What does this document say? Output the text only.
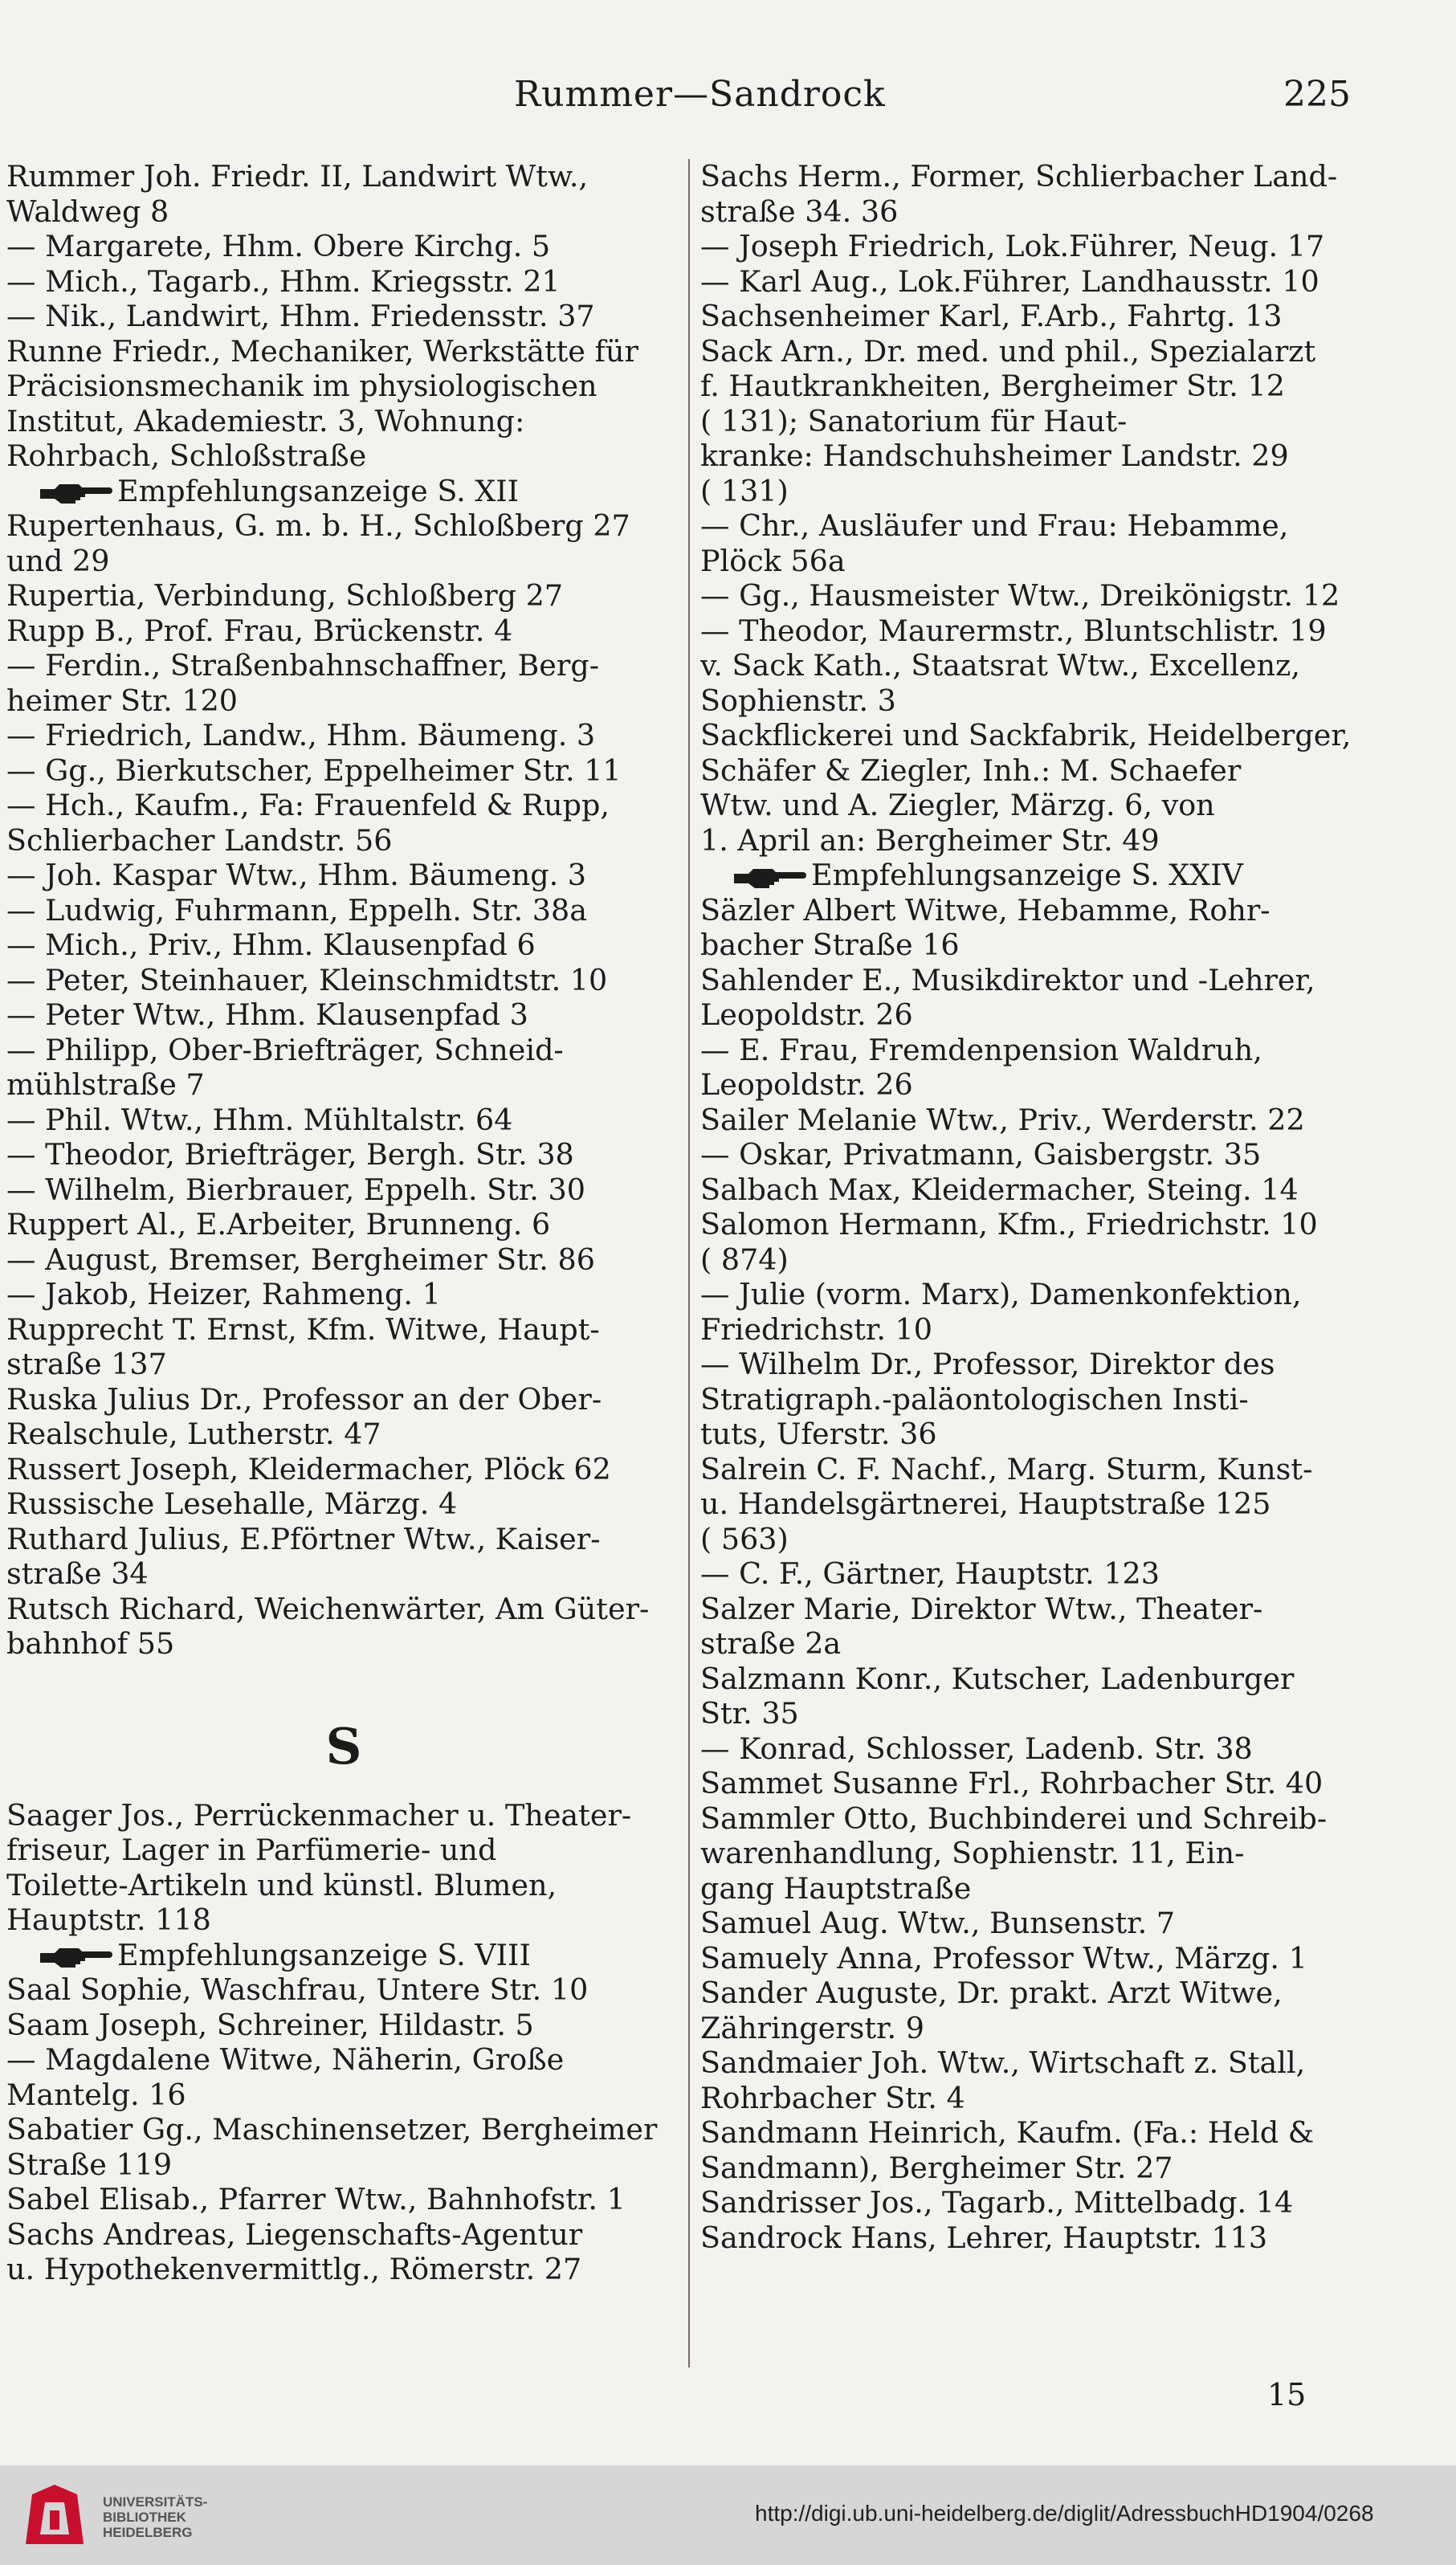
Rummer—Sandrock	225
Rummer Joh. Friedr. II, Landwirt Wtw.,
Waldweg 8
— Margarete, Hhm. Obere Kirchg. 5
— Mich., Tagarb., Hhm. Kriegsstr. 21
— Nik., Landwirt, Hhm. Friedensstr. 37
Runne Friedr., Mechaniker, Werkstätte für
Präcisionsmechanik im physiologischen
Institut, Akademiestr. 3, Wohnung:
Rohrbach, Schloßstraße
Empfehlungsanzeige S. XII
Rupertenhaus, G. m. b. H., Schloßberg 27
und 29
Rupertia, Verbindung, Schloßberg 27
Rupp B., Prof. Frau, Brückenstr. 4
— Ferdin., Straßenbahnschaffner, Berg-
heimer Str. 120
— Friedrich, Landw., Hhm. Bäumeng. 3
— Gg., Bierkutscher, Eppelheimer Str. 11
— Hch., Kaufm., Fa: Frauenfeld & Rupp,
Schlierbacher Landstr. 56
— Joh. Kaspar Wtw., Hhm. Bäumeng. 3
— Ludwig, Fuhrmann, Eppelh. Str. 38a
— Mich., Priv., Hhm. Klausenpfad 6
— Peter, Steinhauer, Kleinschmidtstr. 10
— Peter Wtw., Hhm. Klausenpfad 3
— Philipp, Ober-Briefträger, Schneid-
mühlstraße 7
— Phil. Wtw., Hhm. Mühltalstr. 64
— Theodor, Briefträger, Bergh. Str. 38
— Wilhelm, Bierbrauer, Eppelh. Str. 30
Ruppert Al., E.Arbeiter, Brunneng. 6
— August, Bremser, Bergheimer Str. 86
— Jakob, Heizer, Rahmeng. 1
Rupprecht T. Ernst, Kfm. Witwe, Haupt-
straße 137
Ruska Julius Dr., Professor an der Ober-
Realschule, Lutherstr. 47
Russert Joseph, Kleidermacher, Plöck 62
Russische Lesehalle, Märzg. 4
Ruthard Julius, E.Pförtner Wtw., Kaiser-
straße 34
Rutsch Richard, Weichenwärter, Am Güter-
bahnhof 55
S
Saager Jos., Perrückenmacher u. Theater-
friseur, Lager in Parfümerie- und
Toilette-Artikeln und künstl. Blumen,
Hauptstr. 118
Empfehlungsanzeige S. VIII
Saal Sophie, Waschfrau, Untere Str. 10
Saam Joseph, Schreiner, Hildastr. 5
— Magdalene Witwe, Näherin, Große
Mantelg. 16
Sabatier Gg., Maschinensetzer, Bergheimer
Straße 119
Sabel Elisab., Pfarrer Wtw., Bahnhofstr. 1
Sachs Andreas, Liegenschafts-Agentur
u. Hypothekenvermittlg., Römerstr. 27
Sachs Herm., Former, Schlierbacher Land-
straße 34. 36
— Joseph Friedrich, Lok.Führer, Neug. 17
— Karl Aug., Lok.Führer, Landhausstr. 10
Sachsenheimer Karl, F.Arb., Fahrtg. 13
Sack Arn., Dr. med. und phil., Spezialarzt
f. Hautkrankheiten, Bergheimer Str. 12
( 131); Sanatorium für Haut-
kranke: Handschuhsheimer Landstr. 29
( 131)
— Chr., Ausläufer und Frau: Hebamme,
Plöck 56a
— Gg., Hausmeister Wtw., Dreikönigstr. 12
— Theodor, Maurermstr., Bluntschlistr. 19
v. Sack Kath., Staatsrat Wtw., Excellenz,
Sophienstr. 3
Sackflickerei und Sackfabrik, Heidelberger,
Schäfer & Ziegler, Inh.: M. Schaefer
Wtw. und A. Ziegler, Märzg. 6, von
1. April an: Bergheimer Str. 49
Empfehlungsanzeige S. XXIV
Säzler Albert Witwe, Hebamme, Rohr-
bacher Straße 16
Sahlender E., Musikdirektor und -Lehrer,
Leopoldstr. 26
— E. Frau, Fremdenpension Waldruh,
Leopoldstr. 26
Sailer Melanie Wtw., Priv., Werderstr. 22
— Oskar, Privatmann, Gaisbergstr. 35
Salbach Max, Kleidermacher, Steing. 14
Salomon Hermann, Kfm., Friedrichstr. 10
( 874)
— Julie (vorm. Marx), Damenkonfektion,
Friedrichstr. 10
— Wilhelm Dr., Professor, Direktor des
Stratigraph.-paläontologischen Insti-
tuts, Uferstr. 36
Salrein C. F. Nachf., Marg. Sturm, Kunst-
u. Handelsgärtnerei, Hauptstraße 125
( 563)
— C. F., Gärtner, Hauptstr. 123
Salzer Marie, Direktor Wtw., Theater-
straße 2a
Salzmann Konr., Kutscher, Ladenburger
Str. 35
— Konrad, Schlosser, Ladenb. Str. 38
Sammet Susanne Frl., Rohrbacher Str. 40
Sammler Otto, Buchbinderei und Schreib-
warenhandlung, Sophienstr. 11, Ein-
gang Hauptstraße
Samuel Aug. Wtw., Bunsenstr. 7
Samuely Anna, Professor Wtw., Märzg. 1
Sander Auguste, Dr. prakt. Arzt Witwe,
Zähringerstr. 9
Sandmaier Joh. Wtw., Wirtschaft z. Stall,
Rohrbacher Str. 4
Sandmann Heinrich, Kaufm. (Fa.: Held &
Sandmann), Bergheimer Str. 27
Sandrisser Jos., Tagarb., Mittelbadg. 14
Sandrock Hans, Lehrer, Hauptstr. 113
15
UNIVERSITÄTS-
BIBLIOTHEK
HEIDELBERG
http://digi.ub.uni-heidelberg.de/diglit/AdressbuchHD1904/0268
